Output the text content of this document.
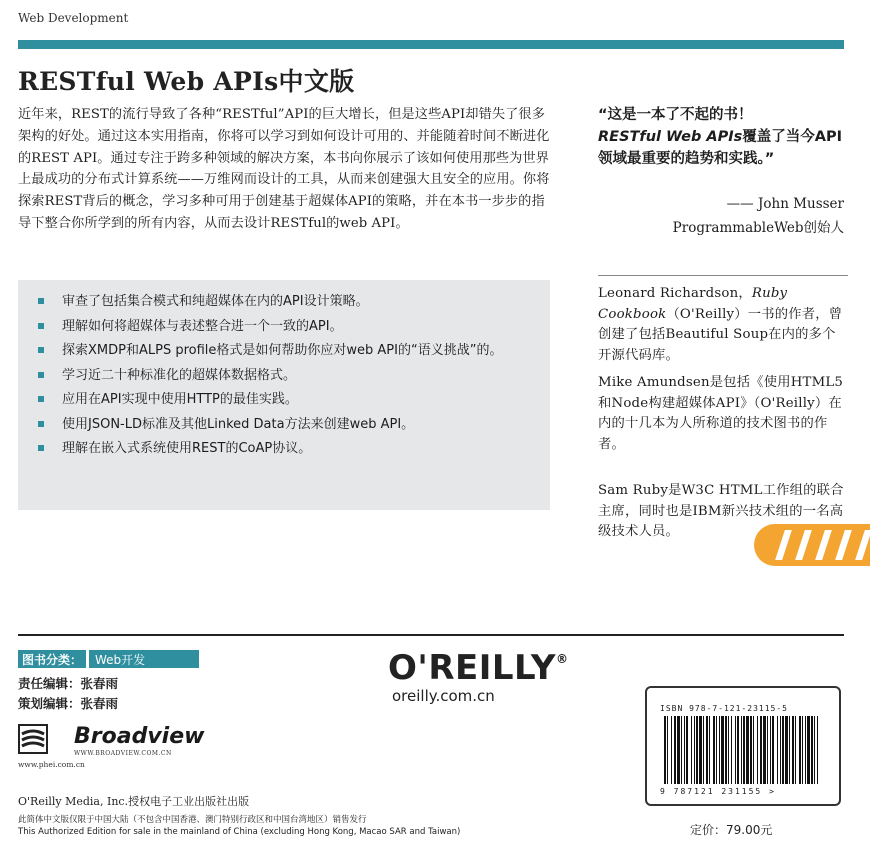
Web Development
RESTful Web APIs中文版
近年来，REST的流行导致了各种“RESTful”API的巨大增长，但是这些API却错失了很多架构的好处。通过这本实用指南，你将可以学习到如何设计可用的、并能随着时间不断进化的REST API。通过专注于跨多种领域的解决方案，本书向你展示了该如何使用那些为世界上最成功的分布式计算系统——万维网而设计的工具，从而来创建强大且安全的应用。你将探索REST背后的概念，学习多种可用于创建基于超媒体API的策略，并在本书一步步的指导下整合你所学到的所有内容，从而去设计RESTful的web API。
“这是一本了不起的书！
RESTful Web APIs覆盖了当今API领域最重要的趋势和实践。”
—— John Musser
ProgrammableWeb创始人
Leonard Richardson，Ruby Cookbook（O'Reilly）一书的作者，曾创建了包括Beautiful Soup在内的多个开源代码库。
Mike Amundsen是包括《使用HTML5和Node构建超媒体API》（O'Reilly）在内的十几本为人所称道的技术图书的作者。
Sam Ruby是W3C HTML工作组的联合主席，同时也是IBM新兴技术组的一名高级技术人员。
审查了包括集合模式和纯超媒体在内的API设计策略。
理解如何将超媒体与表述整合进一个一致的API。
探索XMDP和ALPS profile格式是如何帮助你应对web API的“语义挑战”的。
学习近二十种标准化的超媒体数据格式。
应用在API实现中使用HTTP的最佳实践。
使用JSON-LD标准及其他Linked Data方法来创建web API。
理解在嵌入式系统使用REST的CoAP协议。
图书分类：	Web开发
责任编辑：张春雨
策划编辑：张春雨
Broadview
WWW.BROADVIEW.COM.CN
www.phei.com.cn
O'REILLY®
oreilly.com.cn
ISBN 978-7-121-23115-5
9 787121 231155 >
O'Reilly Media, Inc.授权电子工业出版社出版
此简体中文版仅限于中国大陆（不包含中国香港、澳门特别行政区和中国台湾地区）销售发行
This Authorized Edition for sale in the mainland of China (excluding Hong Kong, Macao SAR and Taiwan)	定价：79.00元
